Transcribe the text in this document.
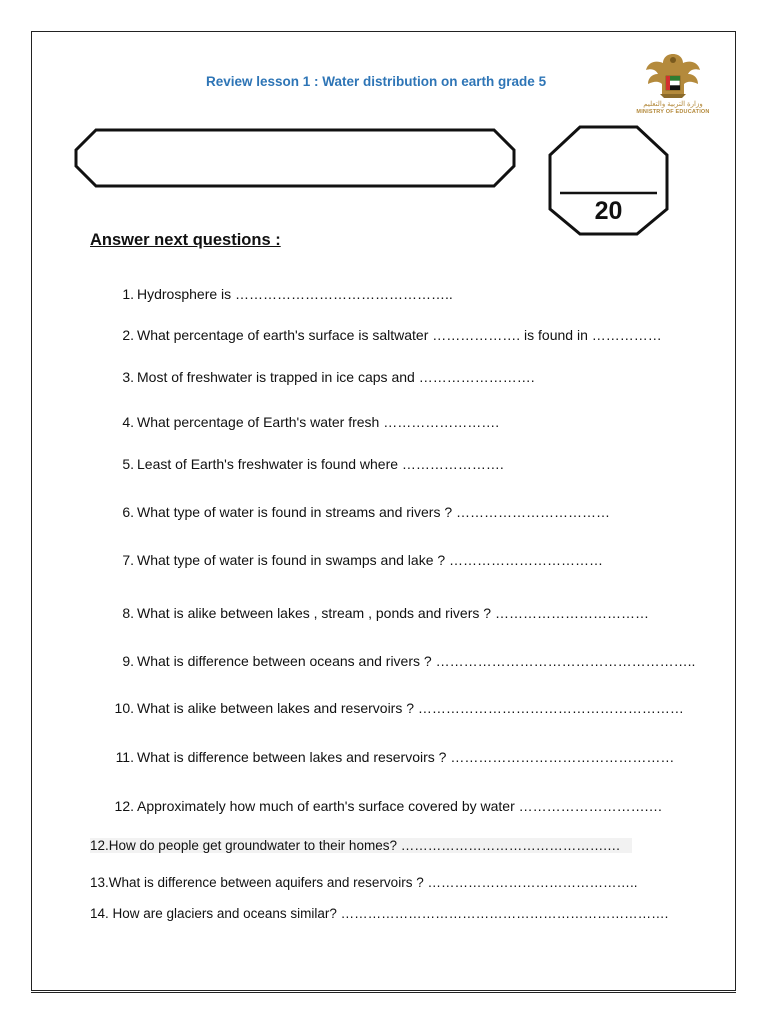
Review lesson 1 : Water distribution on earth grade 5
وزارة التربية والتعليم
MINISTRY OF EDUCATION
20
Answer next questions :
1. Hydrosphere is ………………………………………..
2. What percentage of earth's surface is saltwater ………………. is found in ……………
3. Most of freshwater is trapped in ice caps and …………………….
4. What percentage of Earth's water fresh …………………….
5. Least of Earth's freshwater is found where ………………….
6. What type of water is found in streams and rivers ? ……………………………
7. What type of water is found in swamps and lake ? ……………………………
8. What is alike between lakes , stream , ponds and rivers ? ……………………………
9. What is difference between oceans and rivers ? ………………………………………………..
10. What is alike between lakes and reservoirs ? …………………………………………………
11. What is difference between lakes and reservoirs ? …………………………………………
12. Approximately how much of earth's surface covered by water ……………………….…
12.How do people get groundwater to their homes? ……………………………………….…
13.What is difference between aquifers and reservoirs ? ………………………………………..
14. How are glaciers and oceans similar? ……………………………………………………………….
